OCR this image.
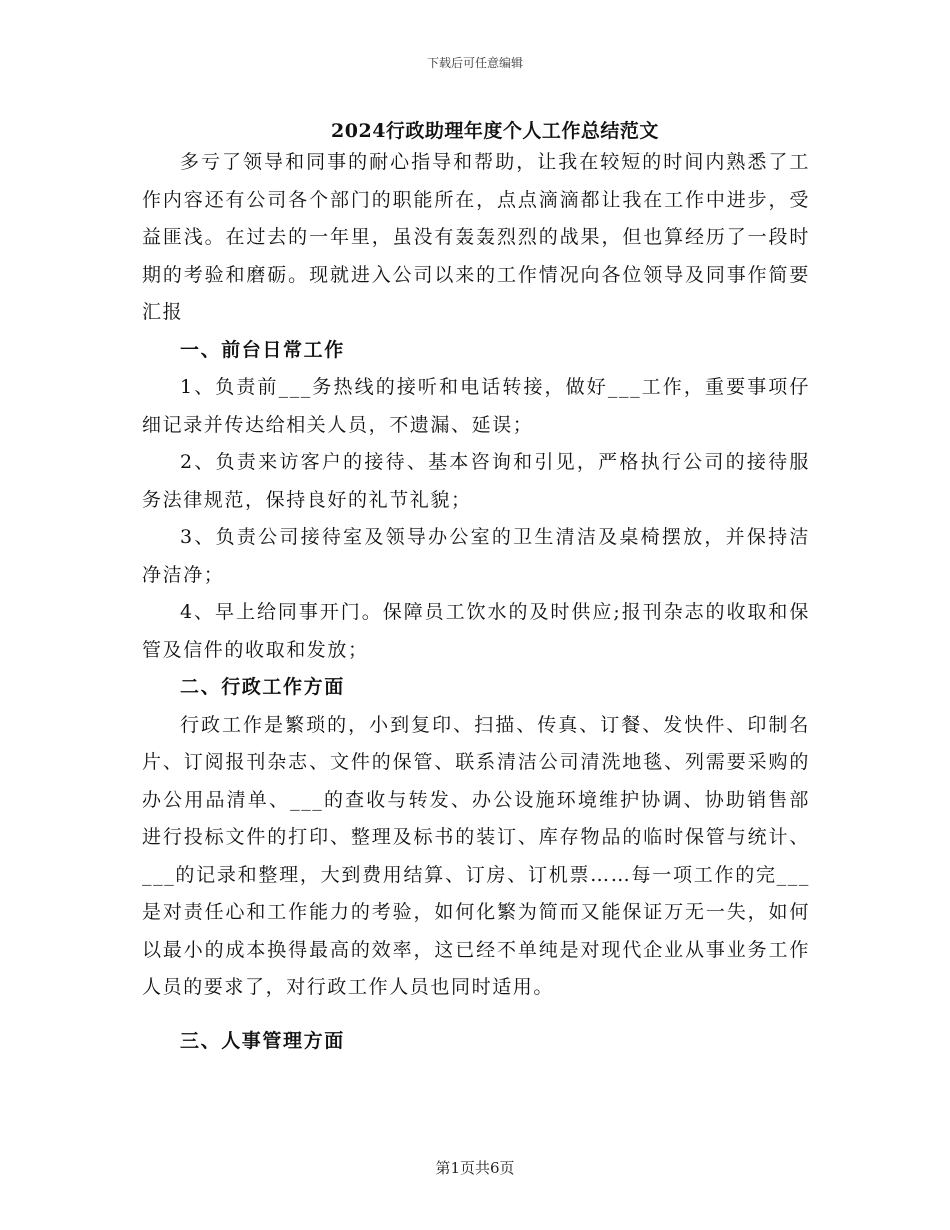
下载后可任意编辑
2024行政助理年度个人工作总结范文

多亏了领导和同事的耐心指导和帮助，让我在较短的时间内熟悉了工作内容还有公司各个部门的职能所在，点点滴滴都让我在工作中进步，受益匪浅。在过去的一年里，虽没有轰轰烈烈的战果，但也算经历了一段时期的考验和磨砺。现就进入公司以来的工作情况向各位领导及同事作简要汇报

一、前台日常工作

1、负责前___务热线的接听和电话转接，做好___工作，重要事项仔细记录并传达给相关人员，不遗漏、延误；

2、负责来访客户的接待、基本咨询和引见，严格执行公司的接待服务法律规范，保持良好的礼节礼貌；

3、负责公司接待室及领导办公室的卫生清洁及桌椅摆放，并保持洁净洁净；

4、早上给同事开门。保障员工饮水的及时供应;报刊杂志的收取和保管及信件的收取和发放；

二、行政工作方面

行政工作是繁琐的，小到复印、扫描、传真、订餐、发快件、印制名片、订阅报刊杂志、文件的保管、联系清洁公司清洗地毯、列需要采购的办公用品清单、___的查收与转发、办公设施环境维护协调、协助销售部进行投标文件的打印、整理及标书的装订、库存物品的临时保管与统计、___的记录和整理，大到费用结算、订房、订机票……每一项工作的完___是对责任心和工作能力的考验，如何化繁为简而又能保证万无一失，如何以最小的成本换得最高的效率，这已经不单纯是对现代企业从事业务工作人员的要求了，对行政工作人员也同时适用。

三、人事管理方面

第1页共6页
